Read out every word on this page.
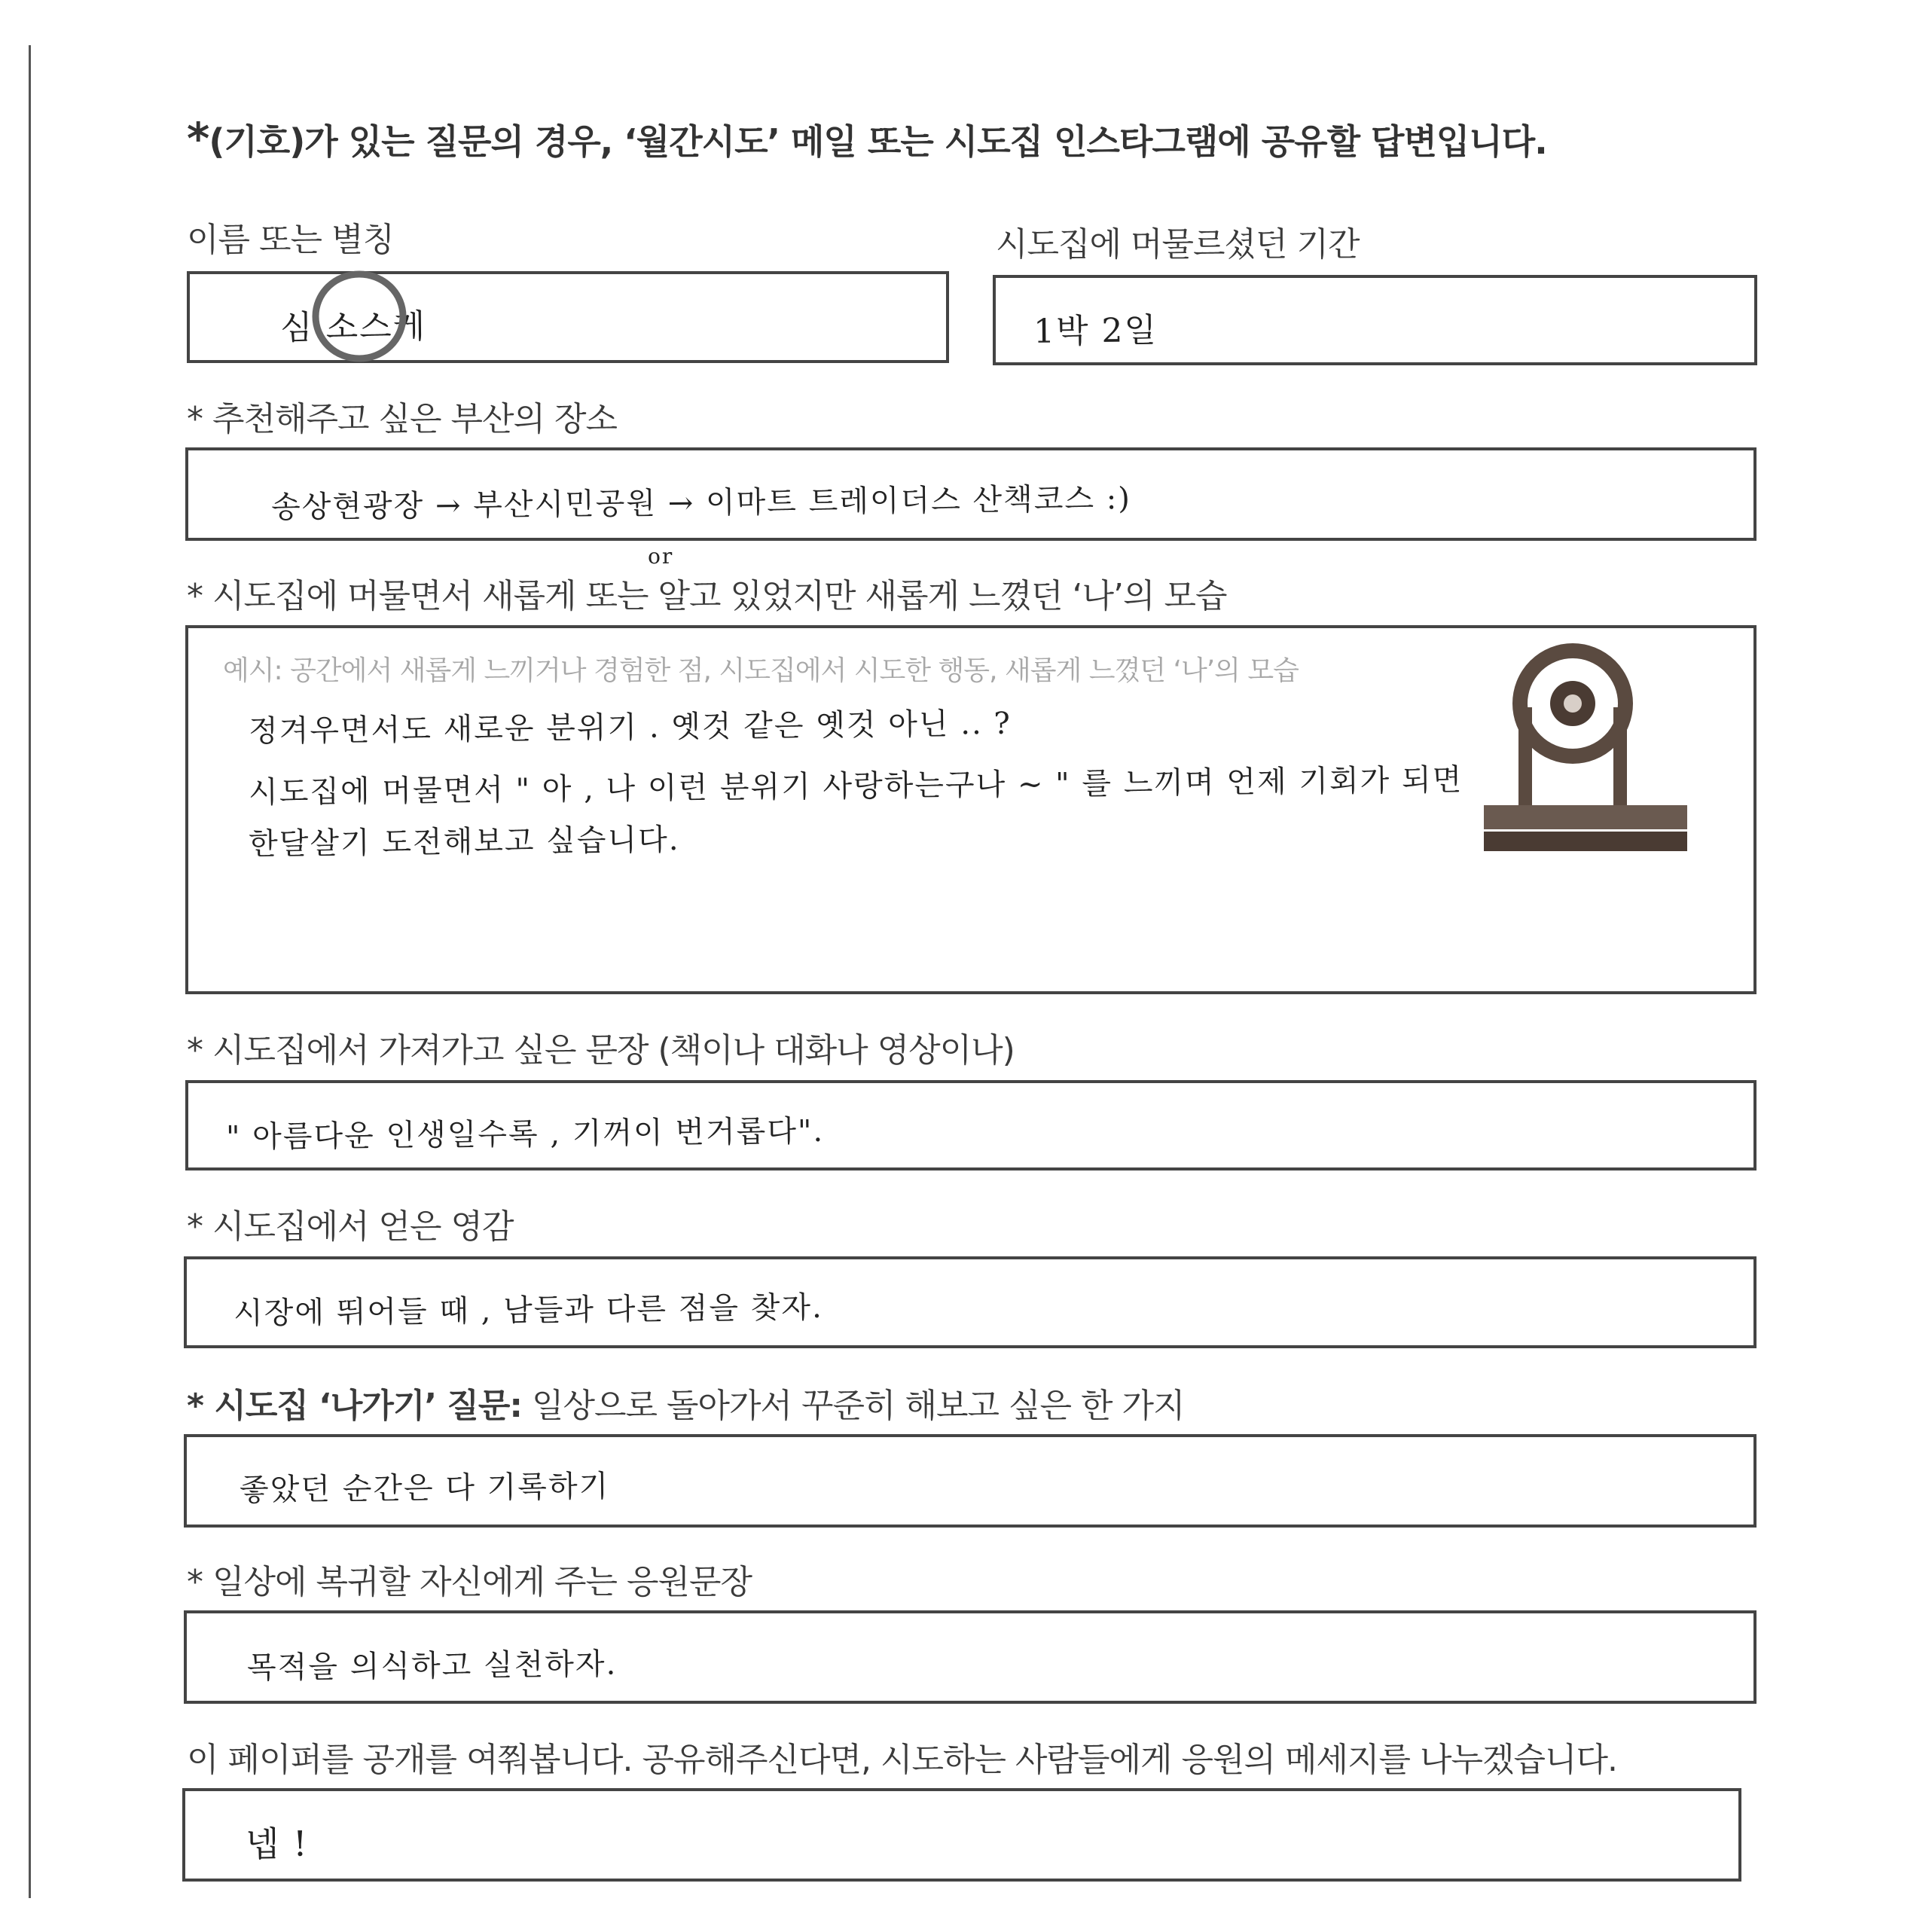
*(기호)가 있는 질문의 경우, ‘월간시도’ 메일 또는 시도집 인스타그램에 공유할 답변입니다.
이름 또는 별칭
심 소스케
시도집에 머물르셨던 기간
1박 2일
* 추천해주고 싶은 부산의 장소
송상현광장 → 부산시민공원 → 이마트 트레이더스 산책코스 :)
* 시도집에 머물면서 새롭게 또는 알고 있었지만 새롭게 느꼈던 ‘나’의 모습
or
예시: 공간에서 새롭게 느끼거나 경험한 점, 시도집에서 시도한 행동, 새롭게 느꼈던 ‘나’의 모습
정겨우면서도 새로운 분위기 . 옛것 같은 옛것 아닌 .. ?
시도집에 머물면서 " 아 , 나 이런 분위기 사랑하는구나 ~ " 를 느끼며 언제 기회가 되면
한달살기 도전해보고 싶습니다.
* 시도집에서 가져가고 싶은 문장 (책이나 대화나 영상이나)
" 아름다운 인생일수록 , 기꺼이 번거롭다".
* 시도집에서 얻은 영감
시장에 뛰어들 때 , 남들과 다른 점을 찾자.
* 시도집 ‘나가기’ 질문: 일상으로 돌아가서 꾸준히 해보고 싶은 한 가지
좋았던 순간은 다 기록하기
* 일상에 복귀할 자신에게 주는 응원문장
목적을 의식하고 실천하자.
이 페이퍼를 공개를 여쭤봅니다. 공유해주신다면, 시도하는 사람들에게 응원의 메세지를 나누겠습니다.
넵 !
